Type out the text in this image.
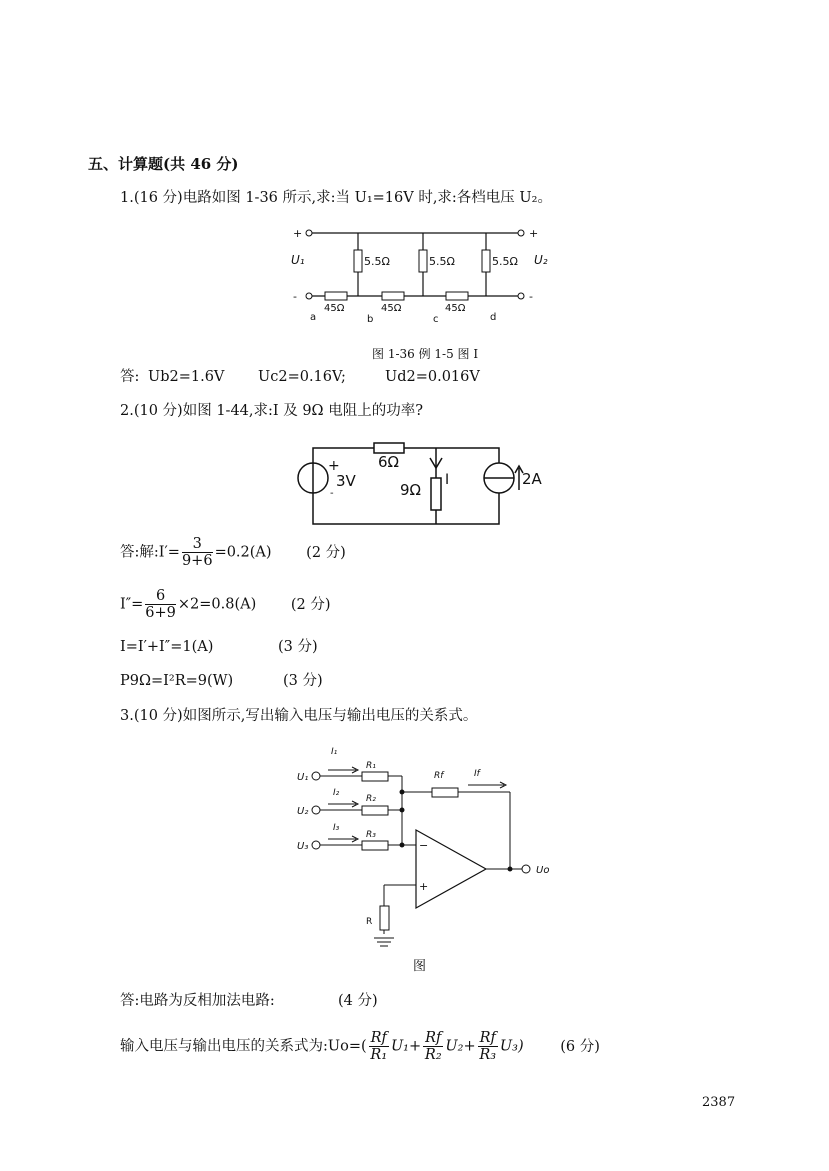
五、计算题(共 46 分)
1.(16 分)电路如图 1-36 所示,求:当 U₁=16V 时,求:各档电压 U₂。
+	+
-	-
5.5Ω	5.5Ω	5.5Ω
U₁	U₂
45Ω	45Ω	45Ω
a	b	c	d
图 1-36 例 1-5 图 I
答: Ub2=1.6V Uc2=0.16V;	Ud2=0.016V
2.(10 分)如图 1-44,求:I 及 9Ω 电阻上的功率?
6Ω
I
9Ω
+
-
3V	2A
答:解:I′= $\frac{3}{9+6} =0.2(A)$ (2 分)
$I''= \frac{6}{6+9} \times 2=0.8(A)$ (2 分)
I=I′+I″=1(A)	(3 分)
P9Ω=I²R=9(W)	(3 分)
3.(10 分)如图所示,写出输入电压与输出电压的关系式。
U₁
U₂
U₃
R₁
R₂
R₃
I₁
I₂
I₃
Rf	If
−
+
Uo
R
图
答:电路为反相加法电路:	(4 分)
输入电压与输出电压的关系式为:Uo=( $\frac{Rf}{\text{R₁}} U_1+ \frac{Rf}{\text{R₂}} U_2+ \frac{Rf}{\text{R₃}} U_3$)	(6 分)
2387
